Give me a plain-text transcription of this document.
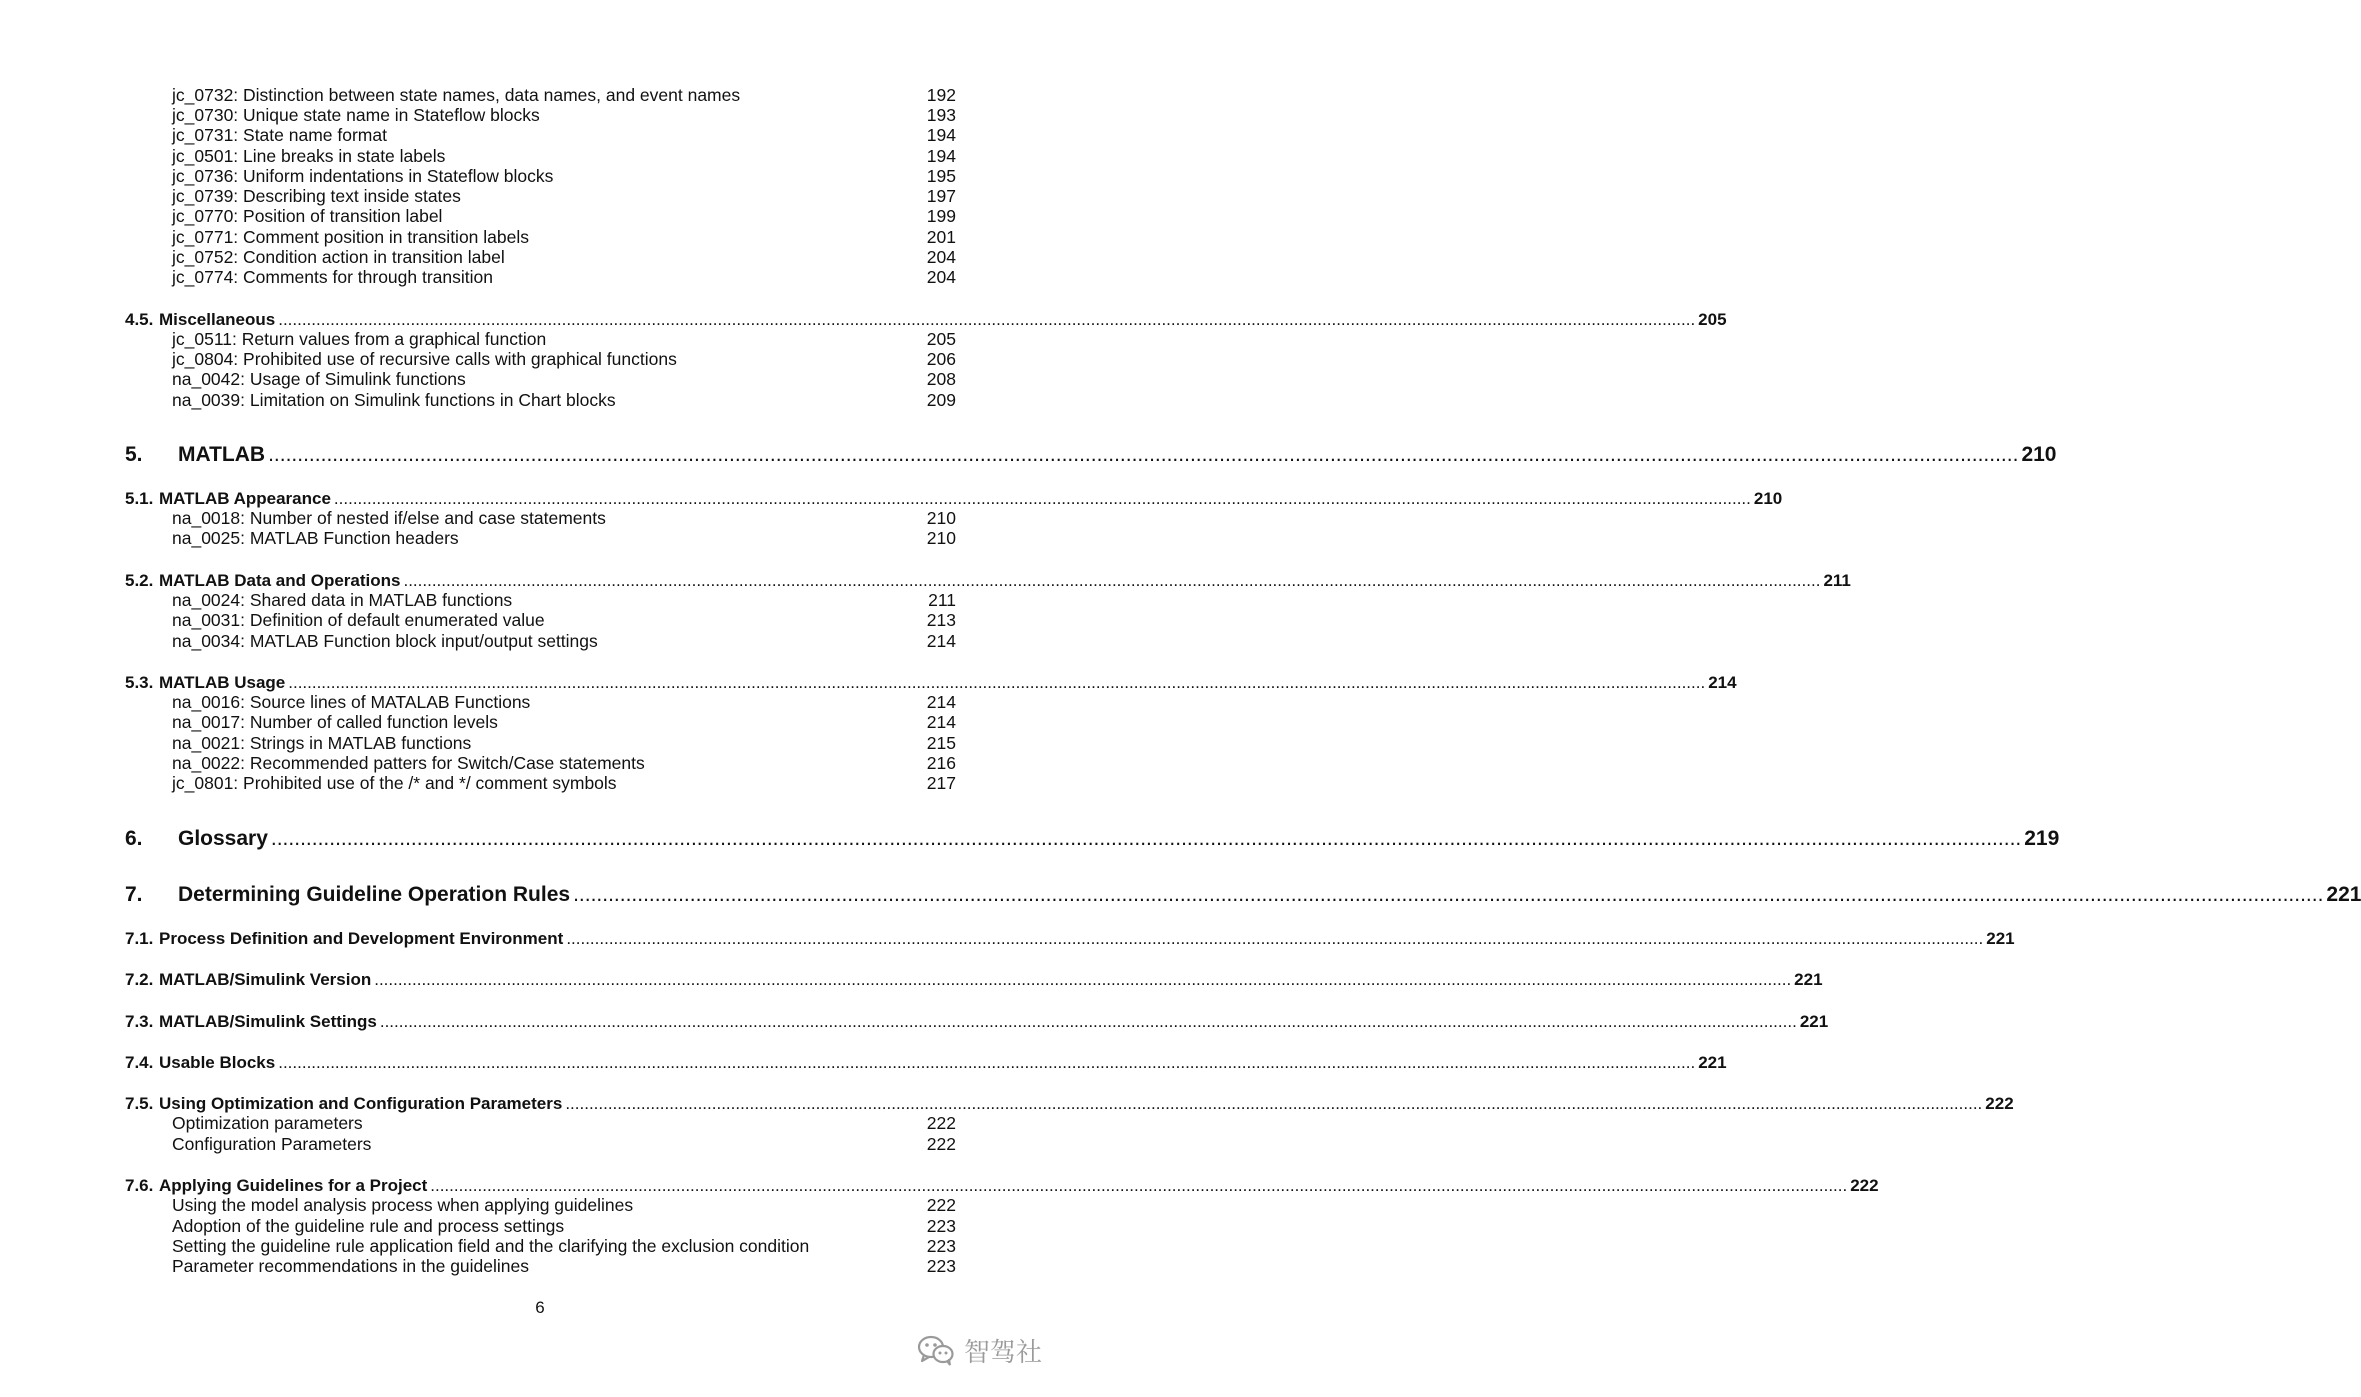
jc_0732: Distinction between state names, data names, and event names	192
jc_0730: Unique state name in Stateflow blocks	193
jc_0731: State name format	194
jc_0501: Line breaks in state labels	194
jc_0736: Uniform indentations in Stateflow blocks	195
jc_0739: Describing text inside states	197
jc_0770: Position of transition label	199
jc_0771: Comment position in transition labels	201
jc_0752: Condition action in transition label	204
jc_0774: Comments for through transition	204
4.5. Miscellaneous ............................................................................................................................................................................................................................................................................................................ 205
jc_0511: Return values from a graphical function	205
jc_0804: Prohibited use of recursive calls with graphical functions	206
na_0042: Usage of Simulink functions	208
na_0039: Limitation on Simulink functions in Chart blocks	209
5. MATLAB ............................................................................................................................................................................................................................................................................................................ 210
5.1. MATLAB Appearance ............................................................................................................................................................................................................................................................................................................ 210
na_0018: Number of nested if/else and case statements	210
na_0025: MATLAB Function headers	210
5.2. MATLAB Data and Operations ............................................................................................................................................................................................................................................................................................................ 211
na_0024: Shared data in MATLAB functions	211
na_0031: Definition of default enumerated value	213
na_0034: MATLAB Function block input/output settings	214
5.3. MATLAB Usage ............................................................................................................................................................................................................................................................................................................ 214
na_0016: Source lines of MATALAB Functions	214
na_0017: Number of called function levels	214
na_0021: Strings in MATLAB functions	215
na_0022: Recommended patters for Switch/Case statements	216
jc_0801: Prohibited use of the /* and */ comment symbols	217
6. Glossary ............................................................................................................................................................................................................................................................................................................ 219
7. Determining Guideline Operation Rules ............................................................................................................................................................................................................................................................................................................ 221
7.1. Process Definition and Development Environment ............................................................................................................................................................................................................................................................................................................ 221
7.2. MATLAB/Simulink Version ............................................................................................................................................................................................................................................................................................................ 221
7.3. MATLAB/Simulink Settings ............................................................................................................................................................................................................................................................................................................ 221
7.4. Usable Blocks ............................................................................................................................................................................................................................................................................................................ 221
7.5. Using Optimization and Configuration Parameters ............................................................................................................................................................................................................................................................................................................ 222
Optimization parameters	222
Configuration Parameters	222
7.6. Applying Guidelines for a Project ............................................................................................................................................................................................................................................................................................................ 222
Using the model analysis process when applying guidelines	222
Adoption of the guideline rule and process settings	223
Setting the guideline rule application field and the clarifying the exclusion condition	223
Parameter recommendations in the guidelines	223
6
智驾社
